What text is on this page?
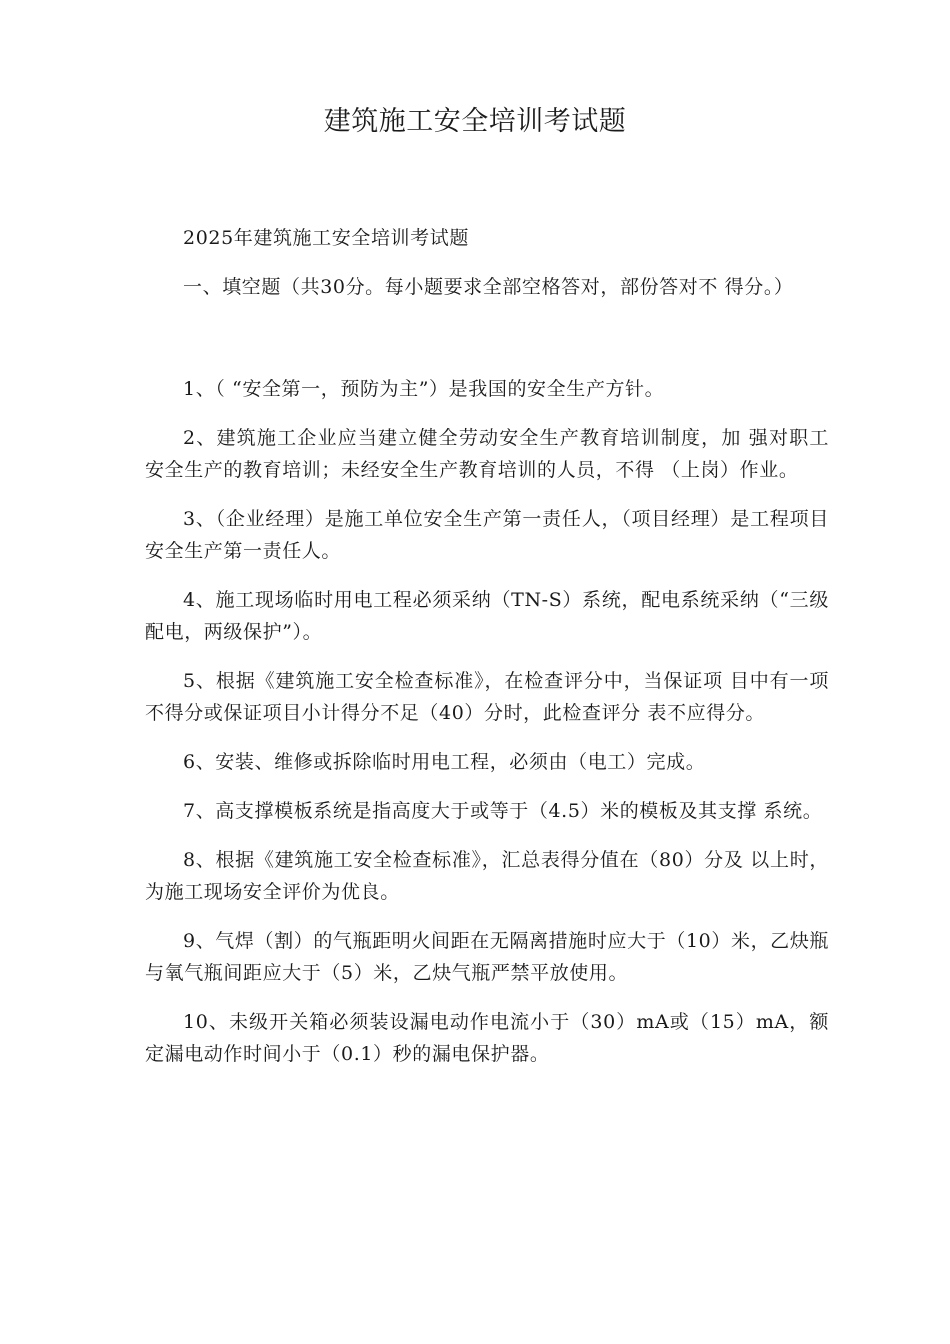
建筑施工安全培训考试题

2025年建筑施工安全培训考试题

一、填空题（共30分。每小题要求全部空格答对，部份答对不 得分。）

1、（ “安全第一，预防为主”）是我国的安全生产方针。

2、建筑施工企业应当建立健全劳动安全生产教育培训制度，加 强对职工安全生产的教育培训；未经安全生产教育培训的人员，不得 （上岗）作业。

3、（企业经理）是施工单位安全生产第一责任人，（项目经理）是工程项目安全生产第一责任人。

4、施工现场临时用电工程必须采纳（TN-S）系统，配电系统采纳（“三级配电，两级保护”）。

5、根据《建筑施工安全检查标准》，在检查评分中，当保证项 目中有一项不得分或保证项目小计得分不足（40）分时，此检查评分 表不应得分。

6、安装、维修或拆除临时用电工程，必须由（电工）完成。

7、高支撑模板系统是指高度大于或等于（4.5）米的模板及其支撑 系统。

8、根据《建筑施工安全检查标准》，汇总表得分值在（80）分及 以上时，为施工现场安全评价为优良。

9、气焊（割）的气瓶距明火间距在无隔离措施时应大于（10）米，乙炔瓶与氧气瓶间距应大于（5）米，乙炔气瓶严禁平放使用。

10、未级开关箱必须装设漏电动作电流小于（30）mA或（15）mA，额定漏电动作时间小于（0.1）秒的漏电保护器。
